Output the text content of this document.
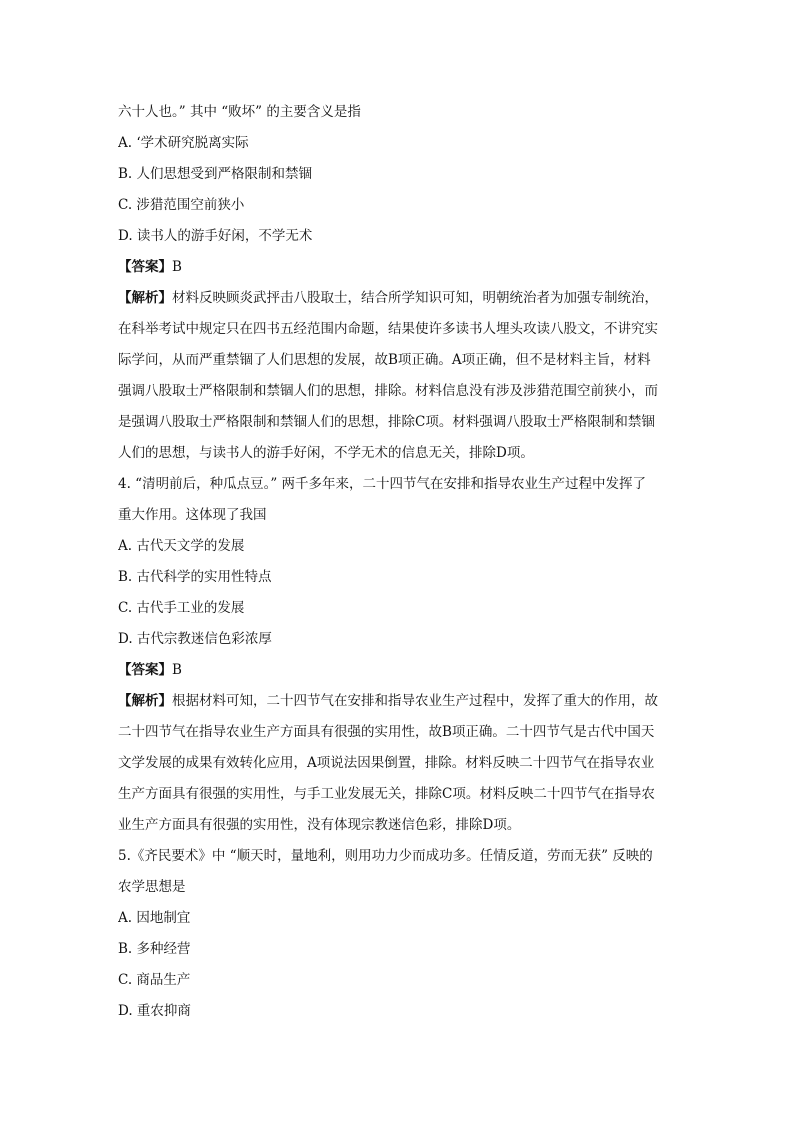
六十人也。” 其中 “败坏” 的主要含义是指
A. ‘学术研究脱离实际
B. 人们思想受到严格限制和禁锢
C. 涉猎范围空前狭小
D. 读书人的游手好闲，不学无术
【答案】B
【解析】材料反映顾炎武抨击八股取士，结合所学知识可知，明朝统治者为加强专制统治，
在科举考试中规定只在四书五经范围内命题，结果使许多读书人埋头攻读八股文，不讲究实
际学问，从而严重禁锢了人们思想的发展，故B项正确。A项正确，但不是材料主旨，材料
强调八股取士严格限制和禁锢人们的思想，排除。材料信息没有涉及涉猎范围空前狭小，而
是强调八股取士严格限制和禁锢人们的思想，排除C项。材料强调八股取士严格限制和禁锢
人们的思想，与读书人的游手好闲，不学无术的信息无关，排除D项。
4. “清明前后，种瓜点豆。” 两千多年来，二十四节气在安排和指导农业生产过程中发挥了
重大作用。这体现了我国
A. 古代天文学的发展
B. 古代科学的实用性特点
C. 古代手工业的发展
D. 古代宗教迷信色彩浓厚
【答案】B
【解析】根据材料可知，二十四节气在安排和指导农业生产过程中，发挥了重大的作用，故
二十四节气在指导农业生产方面具有很强的实用性，故B项正确。二十四节气是古代中国天
文学发展的成果有效转化应用，A项说法因果倒置，排除。材料反映二十四节气在指导农业
生产方面具有很强的实用性，与手工业发展无关，排除C项。材料反映二十四节气在指导农
业生产方面具有很强的实用性，没有体现宗教迷信色彩，排除D项。
5.《齐民要术》中 “顺天时，量地利，则用功力少而成功多。任情反道，劳而无获” 反映的
农学思想是
A. 因地制宜
B. 多种经营
C. 商品生产
D. 重农抑商
